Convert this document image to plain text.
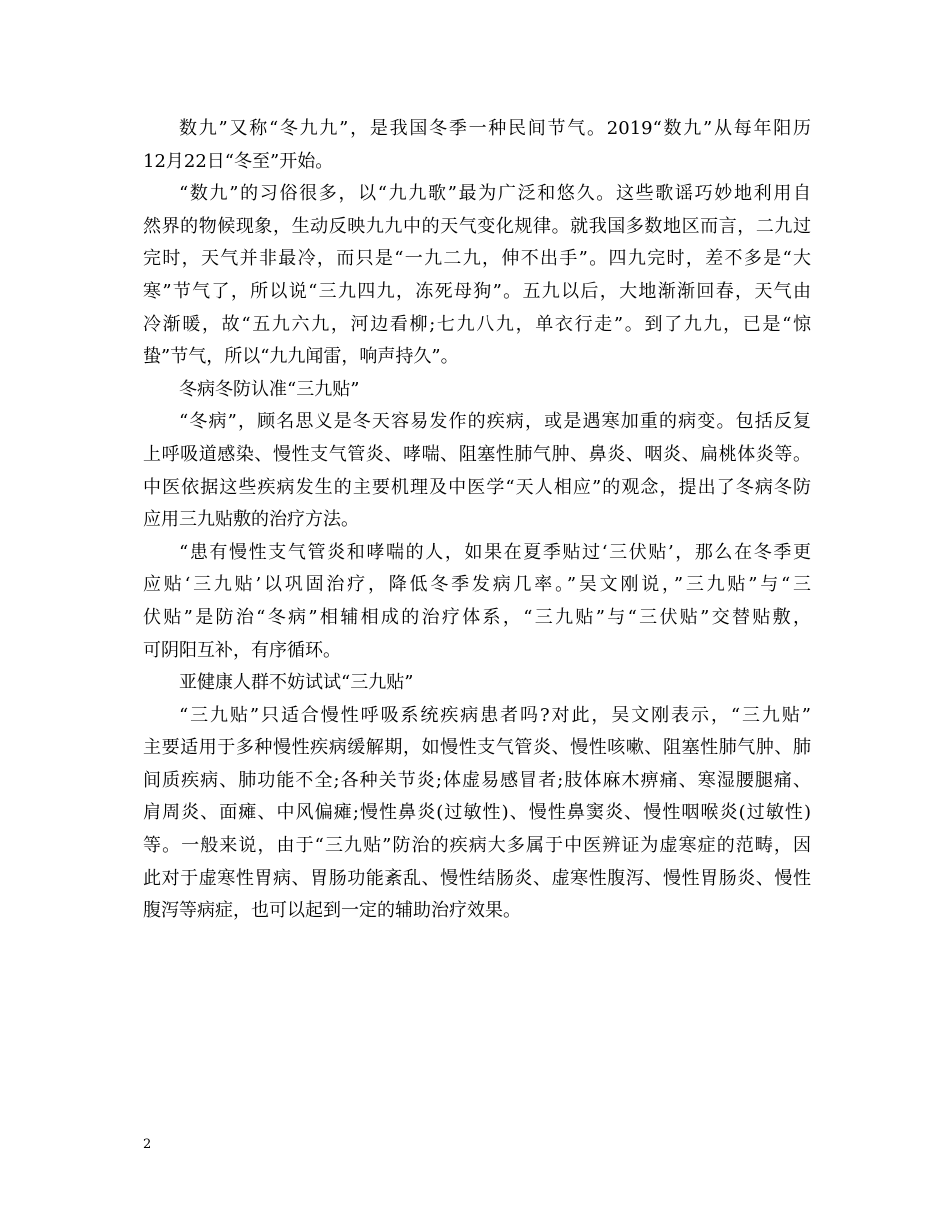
数九”又称“冬九九”，是我国冬季一种民间节气。2019“数九”从每年阳历
12月22日“冬至”开始。
“数九”的习俗很多，以“九九歌”最为广泛和悠久。这些歌谣巧妙地利用自
然界的物候现象，生动反映九九中的天气变化规律。就我国多数地区而言，二九过
完时，天气并非最冷，而只是“一九二九，伸不出手”。四九完时，差不多是“大
寒”节气了，所以说“三九四九，冻死母狗”。五九以后，大地渐渐回春，天气由
冷渐暖，故“五九六九，河边看柳;七九八九，单衣行走”。到了九九，已是“惊
蛰”节气，所以“九九闻雷，响声持久”。
冬病冬防认准“三九贴”
“冬病”，顾名思义是冬天容易发作的疾病，或是遇寒加重的病变。包括反复
上呼吸道感染、慢性支气管炎、哮喘、阻塞性肺气肿、鼻炎、咽炎、扁桃体炎等。
中医依据这些疾病发生的主要机理及中医学“天人相应”的观念，提出了冬病冬防
应用三九贴敷的治疗方法。
“患有慢性支气管炎和哮喘的人，如果在夏季贴过‘三伏贴’，那么在冬季更
应贴‘三九贴’以巩固治疗，降低冬季发病几率。”吴文刚说，”三九贴”与“三
伏贴”是防治“冬病”相辅相成的治疗体系，“三九贴”与“三伏贴”交替贴敷，
可阴阳互补，有序循环。
亚健康人群不妨试试“三九贴”
“三九贴”只适合慢性呼吸系统疾病患者吗?对此，吴文刚表示，“三九贴”
主要适用于多种慢性疾病缓解期，如慢性支气管炎、慢性咳嗽、阻塞性肺气肿、肺
间质疾病、肺功能不全;各种关节炎;体虚易感冒者;肢体麻木痹痛、寒湿腰腿痛、
肩周炎、面瘫、中风偏瘫;慢性鼻炎(过敏性)、慢性鼻窦炎、慢性咽喉炎(过敏性)
等。一般来说，由于“三九贴”防治的疾病大多属于中医辨证为虚寒症的范畴，因
此对于虚寒性胃病、胃肠功能紊乱、慢性结肠炎、虚寒性腹泻、慢性胃肠炎、慢性
腹泻等病症，也可以起到一定的辅助治疗效果。
2
